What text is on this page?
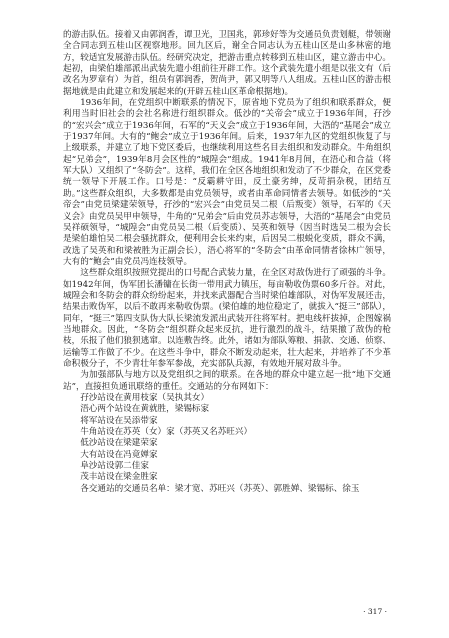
的游击队伍。接着又由郭润香，谭卫光，卫国兆，郭珍好等为交通员负责划艇，带领谢全合同志到五桂山区视察地形。回九区后，谢全合同志认为五桂山区是山多林密的地方，较适宜发展游击队伍。经研究决定，把游击重点转移到五桂山区，建立游击中心。起初，由梁伯雄部派出武装先遣小组前往开辟工作。这个武装先遣小组是以张文有（后改名为罗章有）为首，组员有郭润香，贺尚尹，郭又明等八人组成。五桂山区的游击根据地就是由此建立和发展起来的(开辟五桂山区革命根据地)。

1936年间，在党组织中断联系的情况下，原省地下党员为了组织和联系群众，便利用当时旧社会的会社名称进行组织群众。低沙的“关帝会”成立于1936年间，孖沙的“宏兴会”成立于1936年间，石军的“天义会”成立于1936年间，大浯的“基尾会”成立于1937年间。大有的“鲍会”成立于1936年间。后来，1937年九区的党组织恢复了与上级联系，并建立了地下党区委后，也继续利用这些名目去组织和发动群众。牛角组织起“兄弟会”，1939年8月会区性的“城隍会”组成。1941年8月间，在浯心和合益（将军大队）又组织了“冬防会”。这样，我们在全区各地组织和发动了不少群众，在区党委统一领导下开展工作。口号是：“反霸耕守田，反土豪劣绅，反苛捐杂税，团结互助。”这些群众组织，大多数都是由党员领导，或者由革命同情者去领导。如低沙的“关帝会”由党员梁建荣领导，孖沙的“宏兴会”由党员吴二根（后叛变）领导，石军的《天义会》由党员吴甲申领导，牛角的“兄弟会”后由党员苏志领导，大浯的“基尾会”由党员吴祥硕领导，“城隍会”由党员吴二根（后变质）、吴英和领导（因当时选吴二根为会长是梁伯雄怕吴二根会骚扰群众，便利用会长来约束，后因吴二根蜕化变质，群众不满，改选了吴英和和梁被胜为正副会长），浯心将军的“冬防会”由革命同情者徐林广领导，大有的“鲍会”由党员冯连枝领导。

这些群众组织按照党提出的口号配合武装力量，在全区对敌伪进行了顽强的斗争。如1942年间，伪军团长潘镛在长街一带用武力镇压，每亩勒收伪票60多斤谷。对此，城隍会和冬防会的群众纷纷起来，并找来武器配合当时梁伯雄部队，对伪军发展还击，结果击败伪军，以后不敢再来勒收伪票。(梁伯雄的地位稳定了，就拔入“挺三”部队），同年，“挺三”第四支队伪大队长梁流发派出武装开往将军村。把电线杆拔掉，企图嫁祸当地群众。因此，“冬防会”组织群众起来反抗，进行激烈的战斗，结果撤了敌伪的枪枝，乐报了他们狼狈逃窜。以连敷告终。此外，诸如为部队筹粮、捐款、交通、侦察、运输等工作做了不少。在这些斗争中，群众不断发动起来，壮大起来，并培养了不少革命积极分子，不少青壮年参军参战，充实部队兵源，有效地开展对敌斗争。

为加强部队与地方以及党组织之间的联系。在各地的群众中建立起一批“地下交通站”，直接担负通讯联络的重任。交通站的分布网如下：

孖沙站设在黄用枝家（吴执其女）
浯心两个站设在黄就胜，梁锡标家
将军站设在吴添带家
牛角站设在苏英（女）家（苏英又名苏旺兴）
低沙站设在梁建荣家
大有站设在冯竟婵家
阜沙站设郭二佳家
茂丰站设在梁金胜家

各交通站的交通员名单：梁才宽、苏旺兴（苏英）、郭胜婵、梁锡标、徐玉

· 317 ·
